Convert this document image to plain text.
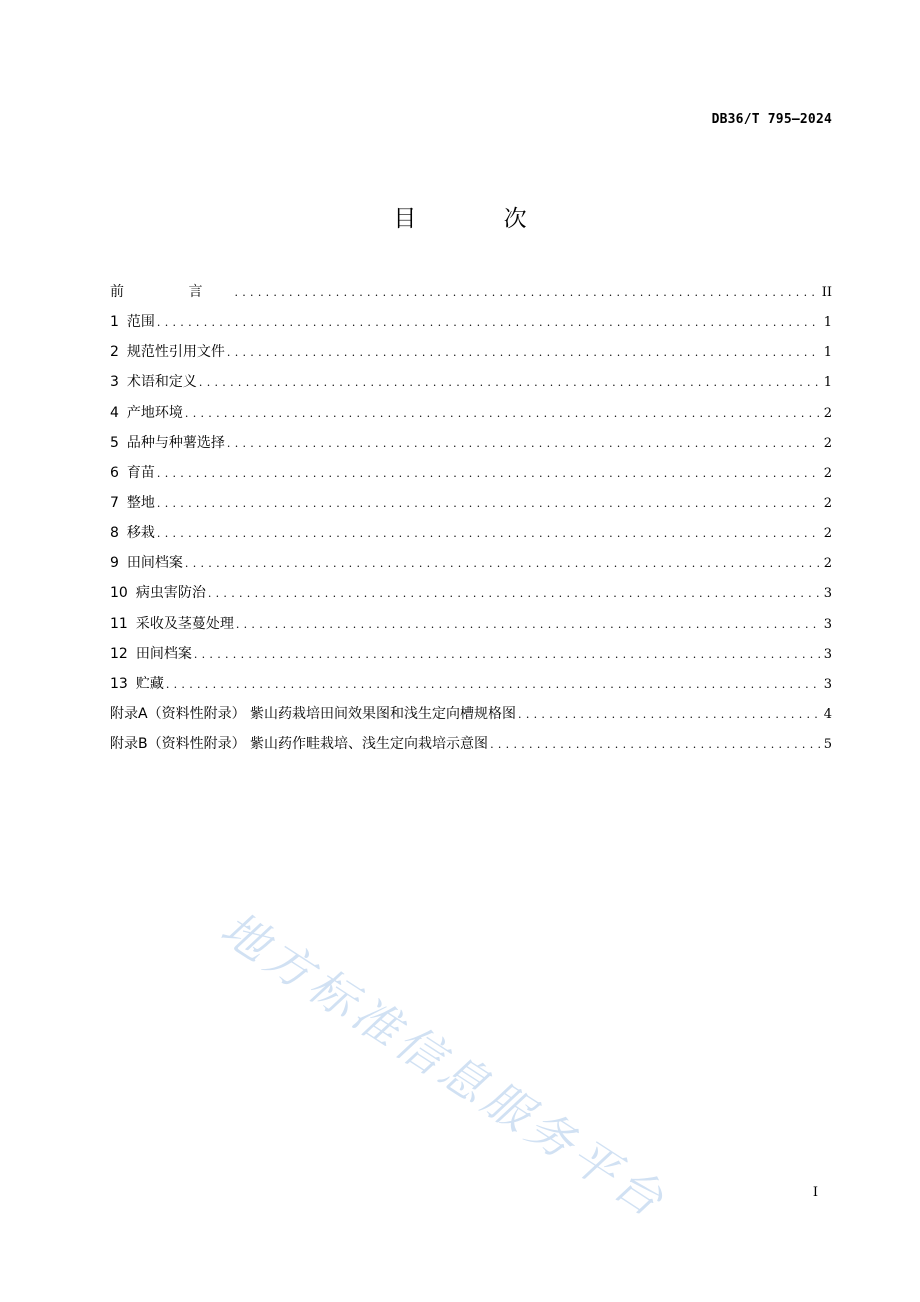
DB36/T 795—2024
目 次
前 言 .....	II
1 范围 .....	1
2 规范性引用文件 .....	1
3 术语和定义 .....	1
4 产地环境 .....	2
5 品种与种薯选择 .....	2
6 育苗 .....	2
7 整地 .....	2
8 移栽 .....	2
9 田间档案 .....	2
10 病虫害防治 .....	3
11 采收及茎蔓处理 .....	3
12 田间档案 .....	3
13 贮藏 .....	3
附录A（资料性附录） 紫山药栽培田间效果图和浅生定向槽规格图 .....	4
附录B（资料性附录） 紫山药作畦栽培、浅生定向栽培示意图 .....	5
地方标准信息服务平台	I
